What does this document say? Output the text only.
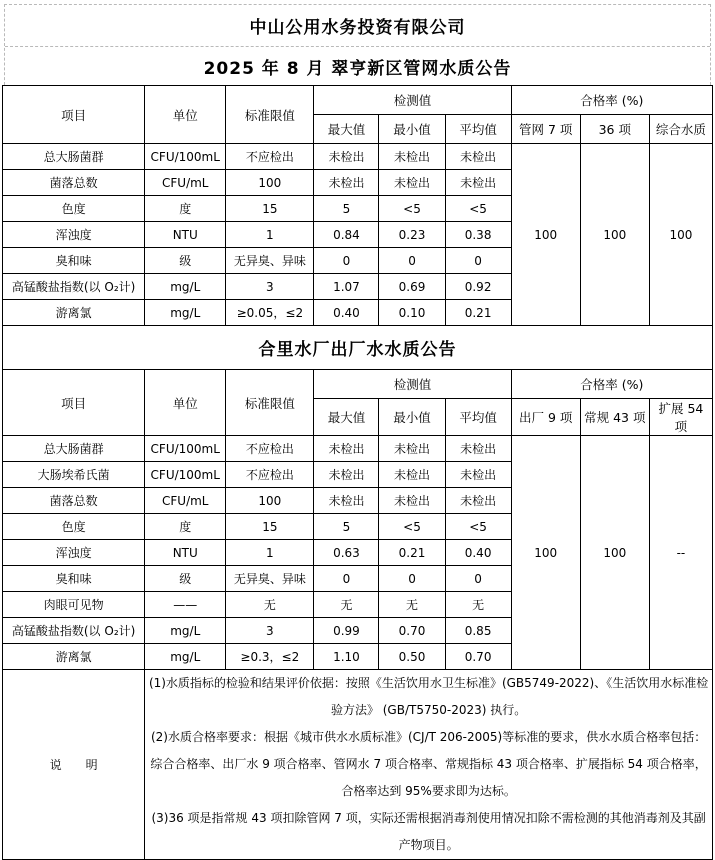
中山公用水务投资有限公司
2025 年 8 月 翠亨新区管网水质公告
项目	单位	标准限值	检测值			合格率 (%)		
			最大值	最小值	平均值	管网 7 项	36 项	综合水质
总大肠菌群	CFU/100mL	不应检出	未检出	未检出	未检出	100	100	100
菌落总数	CFU/mL	100	未检出	未检出	未检出			
色度	度	15	5	<5	<5			
浑浊度	NTU	1	0.84	0.23	0.38			
臭和味	级	无异臭、异味	0	0	0			
高锰酸盐指数(以 O₂计)	mg/L	3	1.07	0.69	0.92			
游离氯	mg/L	≥0.05，≤2	0.40	0.10	0.21			
合里水厂出厂水水质公告								
项目	单位	标准限值	检测值			合格率 (%)		
			最大值	最小值	平均值	出厂 9 项	常规 43 项	扩展 54 项
总大肠菌群	CFU/100mL	不应检出	未检出	未检出	未检出	100	100	--
大肠埃希氏菌	CFU/100mL	不应检出	未检出	未检出	未检出			
菌落总数	CFU/mL	100	未检出	未检出	未检出			
色度	度	15	5	<5	<5			
浑浊度	NTU	1	0.63	0.21	0.40			
臭和味	级	无异臭、异味	0	0	0			
肉眼可见物	——	无	无	无	无			
高锰酸盐指数(以 O₂计)	mg/L	3	0.99	0.70	0.85			
游离氯	mg/L	≥0.3，≤2	1.10	0.50	0.70			
说　　明	(1)水质指标的检验和结果评价依据：按照《生活饮用水卫生标准》(GB5749-2022)、《生活饮用水标准检验方法》 (GB/T5750-2023) 执行。
(2)水质合格率要求：根据《城市供水水质标准》(CJ/T 206-2005)等标准的要求，供水水质合格率包括：综合合格率、出厂水 9 项合格率、管网水 7 项合格率、常规指标 43 项合格率、扩展指标 54 项合格率，合格率达到 95%要求即为达标。
(3)36 项是指常规 43 项扣除管网 7 项，实际还需根据消毒剂使用情况扣除不需检测的其他消毒剂及其副产物项目。							
